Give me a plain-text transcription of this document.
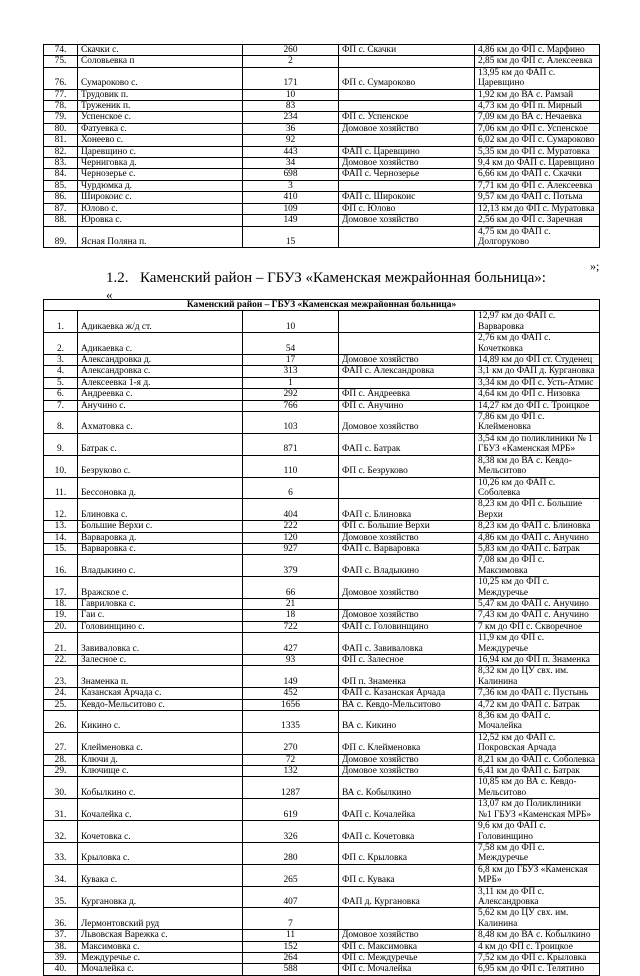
74.	Скачки с.	260	ФП с. Скачки	4,86 км до ФП с. Марфино
75.	Соловьевка п	2		2,85 км до ФП с. Алексеевка
76.	Сумароково с.	171	ФП с. Сумароково	13,95 км до ФАП с. Царевщино
77.	Трудовик п.	10		1,92 км до ВА с. Рамзай
78.	Труженик п.	83		4,73 км до ФП п. Мирный
79.	Успенское с.	234	ФП с. Успенское	7,09 км до ВА с. Нечаевка
80.	Фатуевка с.	36	Домовое хозяйство	7,06 км до ФП с. Успенское
81.	Хонеево с.	92		6,02 км до ФП с. Сумароково
82.	Царевщино с.	443	ФАП с. Царевщино	5,35 км до ФП с. Муратовка
83.	Черниговка д.	34	Домовое хозяйство	9,4 км до ФАП с. Царевщино
84.	Чернозерье с.	698	ФАП с. Чернозерье	6,66 км до ФАП с. Скачки
85.	Чурдюмка д.	3		7,71 км до ФП с. Алексеевка
86.	Широкоис с.	410	ФАП с. Широкоис	9,57 км до ФАП с. Потьма
87.	Юлово с.	109	ФП с. Юлово	12,13 км до ФП с. Муратовка
88.	Юровка с.	149	Домовое хозяйство	2,56 км до ФП с. Заречная
89.	Ясная Поляна п.	15		4,75 км до ФАП с. Долгоруково
»;
1.2. Каменский район – ГБУЗ «Каменская межрайонная больница»:
«
Каменский район – ГБУЗ «Каменская межрайонная больница»				
1.	Адикаевка ж/д ст.	10		12,97 км до ФАП с. Варваровка
2.	Адикаевка с.	54		2,76 км до ФАП с. Кочетковка
3.	Александровка д.	17	Домовое хозяйство	14,89 км до ФП ст. Студенец
4.	Александровка с.	313	ФАП с. Александровка	3,1 км до ФАП д. Кургановка
5.	Алексеевка 1-я д.	1		3,34 км до ФП с. Усть-Атмис
6.	Андреевка с.	292	ФП с. Андреевка	4,64 км до ФП с. Низовка
7.	Анучино с.	766	ФП с. Анучино	14,27 км до ФП с. Троицкое
8.	Ахматовка с.	103	Домовое хозяйство	7,86 км до ФП с. Клейменовка
9.	Батрак с.	871	ФАП с. Батрак	3,54 км до поликлиники № 1 ГБУЗ «Каменская МРБ»
10.	Безруково с.	110	ФП с. Безруково	8,38 км до ВА с. Кевдо-Мельситово
11.	Бессоновка д.	6		10,26 км до ФАП с. Соболевка
12.	Блиновка с.	404	ФАП с. Блиновка	8,23 км до ФП с. Большие Верхи
13.	Большие Верхи с.	222	ФП с. Большие Верхи	8,23 км до ФАП с. Блиновка
14.	Варваровка д.	120	Домовое хозяйство	4,86 км до ФАП с. Анучино
15.	Варваровка с.	927	ФАП с. Варваровка	5,83 км до ФАП с. Батрак
16.	Владыкино с.	379	ФАП с. Владыкино	7,08 км до ФП с. Максимовка
17.	Вражское с.	66	Домовое хозяйство	10,25 км до ФП с. Междуречье
18.	Гавриловка с.	21		5,47 км до ФАП с. Анучино
19.	Гаи с.	18	Домовое хозяйство	7,43 км до ФАП с. Анучино
20.	Головинщино с.	722	ФАП с. Головинщино	7 км до ФП с. Скворечное
21.	Завиваловка с.	427	ФАП с. Завиваловка	11,9 км до ФП с. Междуречье
22.	Залесное с.	93	ФП с. Залесное	16,94 км до ФП п. Знаменка
23.	Знаменка п.	149	ФП п. Знаменка	8,32 км до ЦУ свх. им. Калинина
24.	Казанская Арчада с.	452	ФАП с. Казанская Арчада	7,36 км до ФАП с. Пустынь
25.	Кевдо-Мельситово с.	1656	ВА с. Кевдо-Мельситово	4,72 км до ФАП с. Батрак
26.	Кикино с.	1335	ВА с. Кикино	8,36 км до ФАП с. Мочалейка
27.	Клейменовка с.	270	ФП с. Клейменовка	12,52 км до ФАП с. Покровская Арчада
28.	Ключи д.	72	Домовое хозяйство	8,21 км до ФАП с. Соболевка
29.	Ключище с.	132	Домовое хозяйство	6,41 км до ФАП с. Батрак
30.	Кобылкино с.	1287	ВА с. Кобылкино	10,85 км до ВА с. Кевдо-Мельситово
31.	Кочалейка с.	619	ФАП с. Кочалейка	13,07 км до Поликлиники №1 ГБУЗ «Каменская МРБ»
32.	Кочетовка с.	326	ФАП с. Кочетовка	9,6 км до ФАП с. Головинщино
33.	Крыловка с.	280	ФП с. Крыловка	7,58 км до ФП с. Междуречье
34.	Кувака с.	265	ФП с. Кувака	6,8 км до ГБУЗ «Каменская МРБ»
35.	Кургановка д.	407	ФАП д. Кургановка	3,11 км до ФП с. Александровка
36.	Лермонтовский руд	7		5,62 км до ЦУ свх. им. Калинина
37.	Львовская Варежка с.	11	Домовое хозяйство	8,48 км до ВА с. Кобылкино
38.	Максимовка с.	152	ФП с. Максимовка	4 км до ФП с. Троицкое
39.	Междуречье с.	264	ФП с. Междуречье	7,52 км до ФП с. Крыловка
40.	Мочалейка с.	588	ФП с. Мочалейка	6,95 км до ФП с. Телятино
